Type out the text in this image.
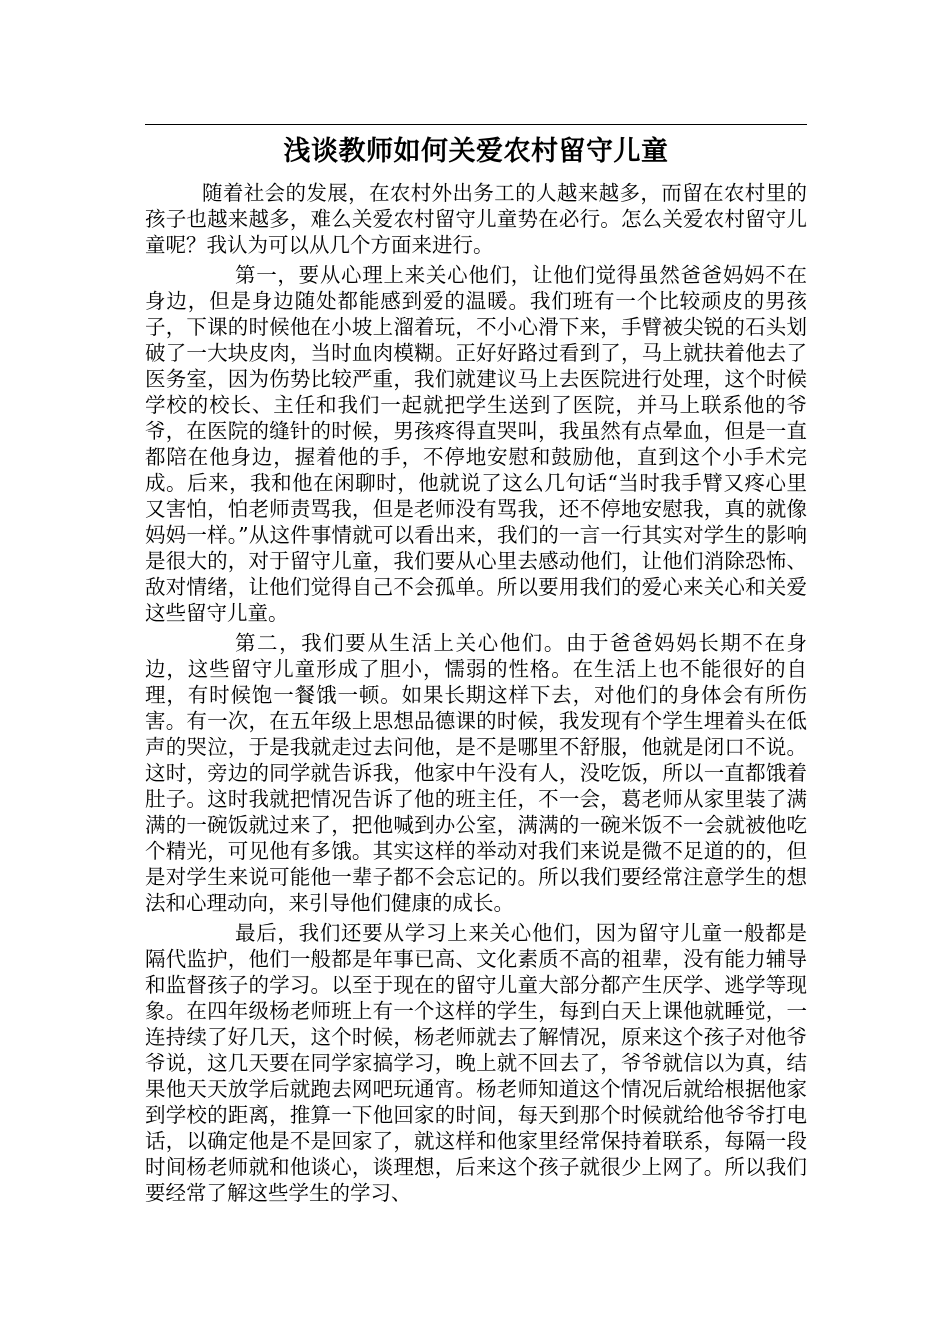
浅谈教师如何关爱农村留守儿童

随着社会的发展，在农村外出务工的人越来越多，而留在农村里的孩子也越来越多，难么关爱农村留守儿童势在必行。怎么关爱农村留守儿童呢？我认为可以从几个方面来进行。

第一，要从心理上来关心他们，让他们觉得虽然爸爸妈妈不在身边，但是身边随处都能感到爱的温暖。我们班有一个比较顽皮的男孩子，下课的时候他在小坡上溜着玩，不小心滑下来，手臂被尖锐的石头划破了一大块皮肉，当时血肉模糊。正好好路过看到了，马上就扶着他去了医务室，因为伤势比较严重，我们就建议马上去医院进行处理，这个时候学校的校长、主任和我们一起就把学生送到了医院，并马上联系他的爷爷，在医院的缝针的时候，男孩疼得直哭叫，我虽然有点晕血，但是一直都陪在他身边，握着他的手，不停地安慰和鼓励他，直到这个小手术完成。后来，我和他在闲聊时，他就说了这么几句话“当时我手臂又疼心里又害怕，怕老师责骂我，但是老师没有骂我，还不停地安慰我，真的就像妈妈一样。”从这件事情就可以看出来，我们的一言一行其实对学生的影响是很大的，对于留守儿童，我们要从心里去感动他们，让他们消除恐怖、敌对情绪，让他们觉得自己不会孤单。所以要用我们的爱心来关心和关爱这些留守儿童。

第二，我们要从生活上关心他们。由于爸爸妈妈长期不在身边，这些留守儿童形成了胆小，懦弱的性格。在生活上也不能很好的自理，有时候饱一餐饿一顿。如果长期这样下去，对他们的身体会有所伤害。有一次，在五年级上思想品德课的时候，我发现有个学生埋着头在低声的哭泣，于是我就走过去问他，是不是哪里不舒服，他就是闭口不说。这时，旁边的同学就告诉我，他家中午没有人，没吃饭，所以一直都饿着肚子。这时我就把情况告诉了他的班主任，不一会，葛老师从家里装了满满的一碗饭就过来了，把他喊到办公室，满满的一碗米饭不一会就被他吃个精光，可见他有多饿。其实这样的举动对我们来说是微不足道的的，但是对学生来说可能他一辈子都不会忘记的。所以我们要经常注意学生的想法和心理动向，来引导他们健康的成长。

最后，我们还要从学习上来关心他们，因为留守儿童一般都是隔代监护，他们一般都是年事已高、文化素质不高的祖辈，没有能力辅导和监督孩子的学习。以至于现在的留守儿童大部分都产生厌学、逃学等现象。在四年级杨老师班上有一个这样的学生，每到白天上课他就睡觉，一连持续了好几天，这个时候，杨老师就去了解情况，原来这个孩子对他爷爷说，这几天要在同学家搞学习，晚上就不回去了，爷爷就信以为真，结果他天天放学后就跑去网吧玩通宵。杨老师知道这个情况后就给根据他家到学校的距离，推算一下他回家的时间，每天到那个时候就给他爷爷打电话，以确定他是不是回家了，就这样和他家里经常保持着联系，每隔一段时间杨老师就和他谈心，谈理想，后来这个孩子就很少上网了。所以我们要经常了解这些学生的学习、
